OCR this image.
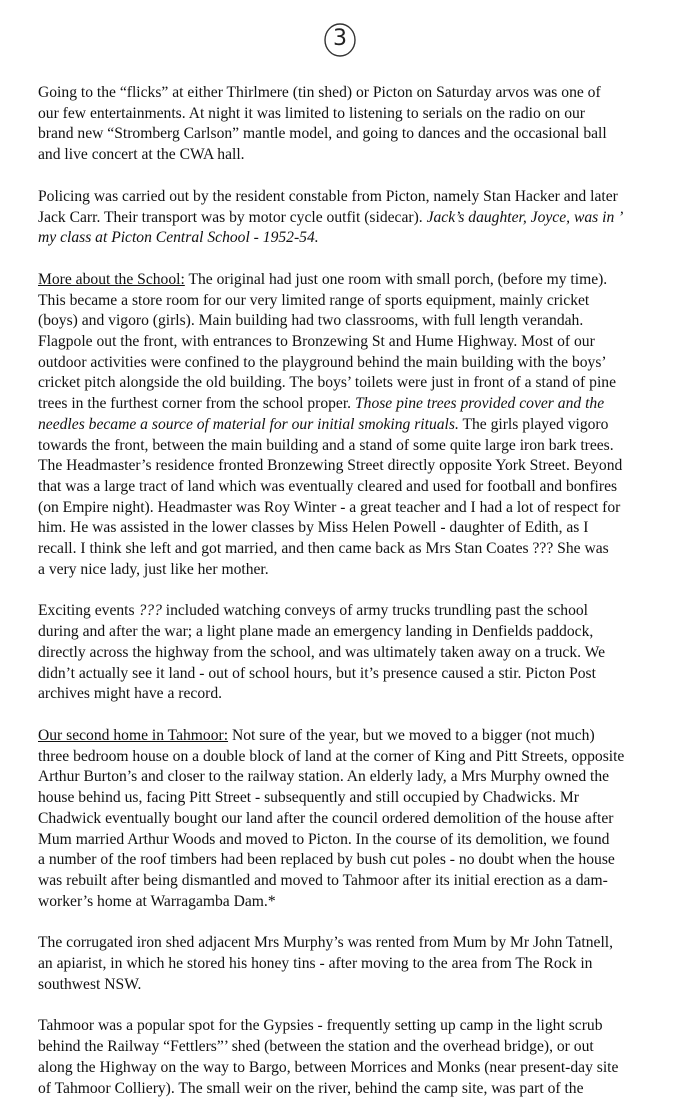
3

Going to the “flicks” at either Thirlmere (tin shed) or Picton on Saturday arvos was one of
our few entertainments. At night it was limited to listening to serials on the radio on our
brand new “Stromberg Carlson” mantle model, and going to dances and the occasional ball
and live concert at the CWA hall.

Policing was carried out by the resident constable from Picton, namely Stan Hacker and later
Jack Carr. Their transport was by motor cycle outfit (sidecar). Jack’s daughter, Joyce, was in ’
my class at Picton Central School - 1952-54.

More about the School: The original had just one room with small porch, (before my time).
This became a store room for our very limited range of sports equipment, mainly cricket
(boys) and vigoro (girls). Main building had two classrooms, with full length verandah.
Flagpole out the front, with entrances to Bronzewing St and Hume Highway. Most of our
outdoor activities were confined to the playground behind the main building with the boys’
cricket pitch alongside the old building. The boys’ toilets were just in front of a stand of pine
trees in the furthest corner from the school proper. Those pine trees provided cover and the
needles became a source of material for our initial smoking rituals. The girls played vigoro
towards the front, between the main building and a stand of some quite large iron bark trees.
The Headmaster’s residence fronted Bronzewing Street directly opposite York Street. Beyond
that was a large tract of land which was eventually cleared and used for football and bonfires
(on Empire night). Headmaster was Roy Winter - a great teacher and I had a lot of respect for
him. He was assisted in the lower classes by Miss Helen Powell - daughter of Edith, as I
recall. I think she left and got married, and then came back as Mrs Stan Coates ??? She was
a very nice lady, just like her mother.

Exciting events ??? included watching conveys of army trucks trundling past the school
during and after the war; a light plane made an emergency landing in Denfields paddock,
directly across the highway from the school, and was ultimately taken away on a truck. We
didn’t actually see it land - out of school hours, but it’s presence caused a stir. Picton Post
archives might have a record.

Our second home in Tahmoor: Not sure of the year, but we moved to a bigger (not much)
three bedroom house on a double block of land at the corner of King and Pitt Streets, opposite
Arthur Burton’s and closer to the railway station. An elderly lady, a Mrs Murphy owned the
house behind us, facing Pitt Street - subsequently and still occupied by Chadwicks. Mr
Chadwick eventually bought our land after the council ordered demolition of the house after
Mum married Arthur Woods and moved to Picton. In the course of its demolition, we found
a number of the roof timbers had been replaced by bush cut poles - no doubt when the house
was rebuilt after being dismantled and moved to Tahmoor after its initial erection as a dam-
worker’s home at Warragamba Dam.*

The corrugated iron shed adjacent Mrs Murphy’s was rented from Mum by Mr John Tatnell,
an apiarist, in which he stored his honey tins - after moving to the area from The Rock in
southwest NSW.

Tahmoor was a popular spot for the Gypsies - frequently setting up camp in the light scrub
behind the Railway “Fettlers”’ shed (between the station and the overhead bridge), or out
along the Highway on the way to Bargo, between Morrices and Monks (near present-day site
of Tahmoor Colliery). The small weir on the river, behind the camp site, was part of the
